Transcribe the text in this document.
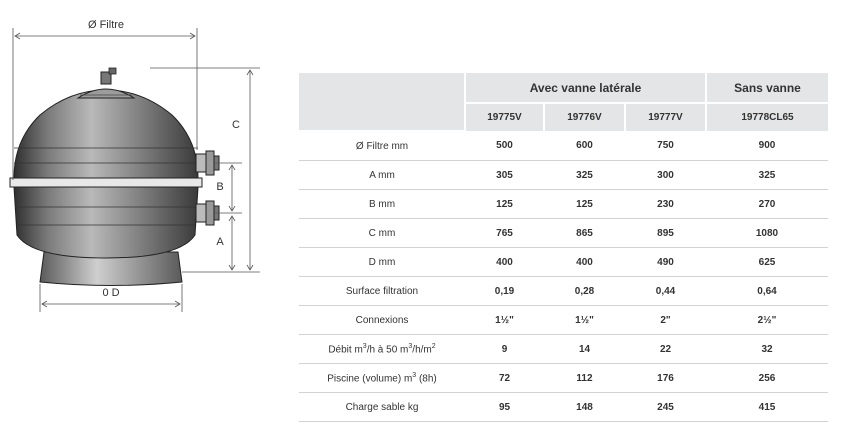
Ø Filtre
C
B
A
0 D
	Avec vanne latérale			Sans vanne
	19775V	19776V	19777V	19778CL65
Ø Filtre mm	500	600	750	900
A mm	305	325	300	325
B mm	125	125	230	270
C mm	765	865	895	1080
D mm	400	400	490	625
Surface filtration	0,19	0,28	0,44	0,64
Connexions	1½"	1½"	2"	2½"
Débit $m^3/h$ à 50 $m^3/h/m^2$	9	14	22	32
Piscine (volume) $m^3$ (8h)	72	112	176	256
Charge sable kg	95	148	245	415
